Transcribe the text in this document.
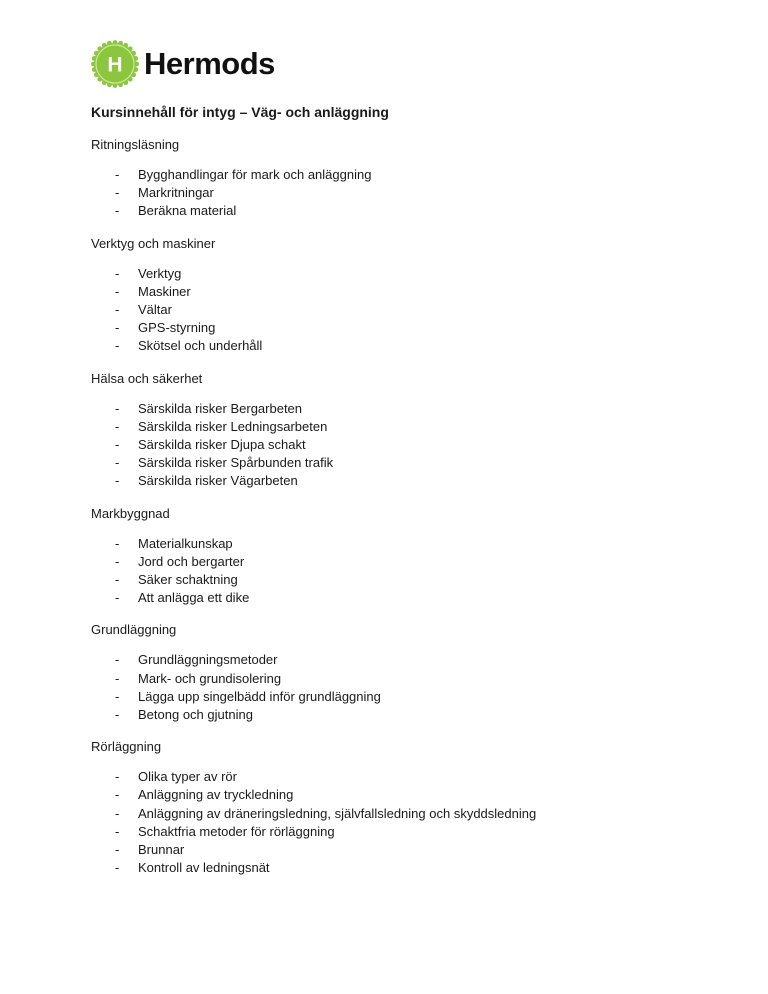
H Hermods
Kursinnehåll för intyg – Väg- och anläggning

Ritningsläsning

- Bygghandlingar för mark och anläggning
- Markritningar
- Beräkna material

Verktyg och maskiner

- Verktyg
- Maskiner
- Vältar
- GPS-styrning
- Skötsel och underhåll

Hälsa och säkerhet

- Särskilda risker Bergarbeten
- Särskilda risker Ledningsarbeten
- Särskilda risker Djupa schakt
- Särskilda risker Spårbunden trafik
- Särskilda risker Vägarbeten

Markbyggnad

- Materialkunskap
- Jord och bergarter
- Säker schaktning
- Att anlägga ett dike

Grundläggning

- Grundläggningsmetoder
- Mark- och grundisolering
- Lägga upp singelbädd inför grundläggning
- Betong och gjutning

Rörläggning

- Olika typer av rör
- Anläggning av tryckledning
- Anläggning av dräneringsledning, självfallsledning och skyddsledning
- Schaktfria metoder för rörläggning
- Brunnar
- Kontroll av ledningsnät
